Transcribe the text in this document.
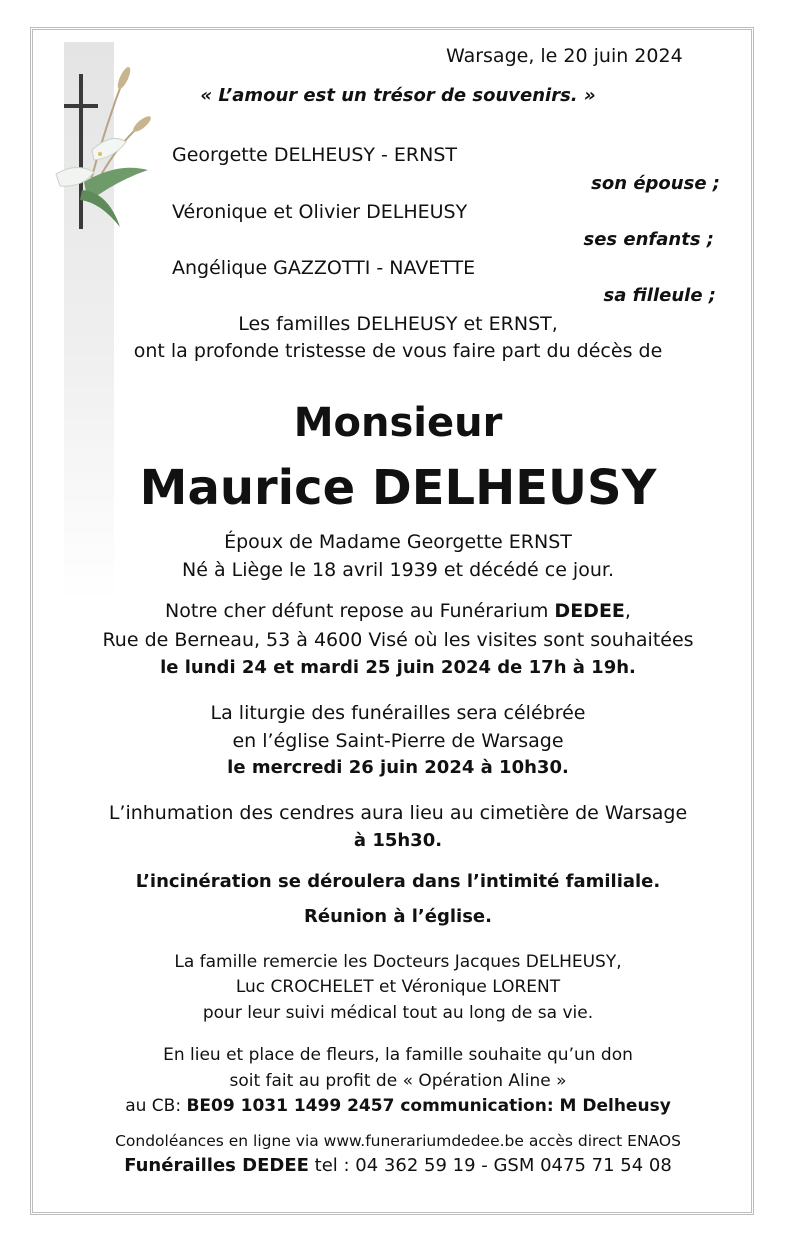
Warsage, le 20 juin 2024
« L’amour est un trésor de souvenirs. »
Georgette DELHEUSY - ERNST
son épouse ;
Véronique et Olivier DELHEUSY
ses enfants ;
Angélique GAZZOTTI - NAVETTE
sa filleule ;
Les familles DELHEUSY et ERNST,
ont la profonde tristesse de vous faire part du décès de
Monsieur
Maurice DELHEUSY
Époux de Madame Georgette ERNST
Né à Liège le 18 avril 1939 et décédé ce jour.
Notre cher défunt repose au Funérarium DEDEE,
Rue de Berneau, 53 à 4600 Visé où les visites sont souhaitées
le lundi 24 et mardi 25 juin 2024 de 17h à 19h.
La liturgie des funérailles sera célébrée
en l’église Saint-Pierre de Warsage
le mercredi 26 juin 2024 à 10h30.
L’inhumation des cendres aura lieu au cimetière de Warsage
à 15h30.
L’incinération se déroulera dans l’intimité familiale.
Réunion à l’église.
La famille remercie les Docteurs Jacques DELHEUSY,
Luc CROCHELET et Véronique LORENT
pour leur suivi médical tout au long de sa vie.
En lieu et place de fleurs, la famille souhaite qu’un don
soit fait au profit de « Opération Aline »
au CB: BE09 1031 1499 2457 communication: M Delheusy
Condoléances en ligne via www.funerariumdedee.be accès direct ENAOS
Funérailles DEDEE tel : 04 362 59 19 - GSM 0475 71 54 08
